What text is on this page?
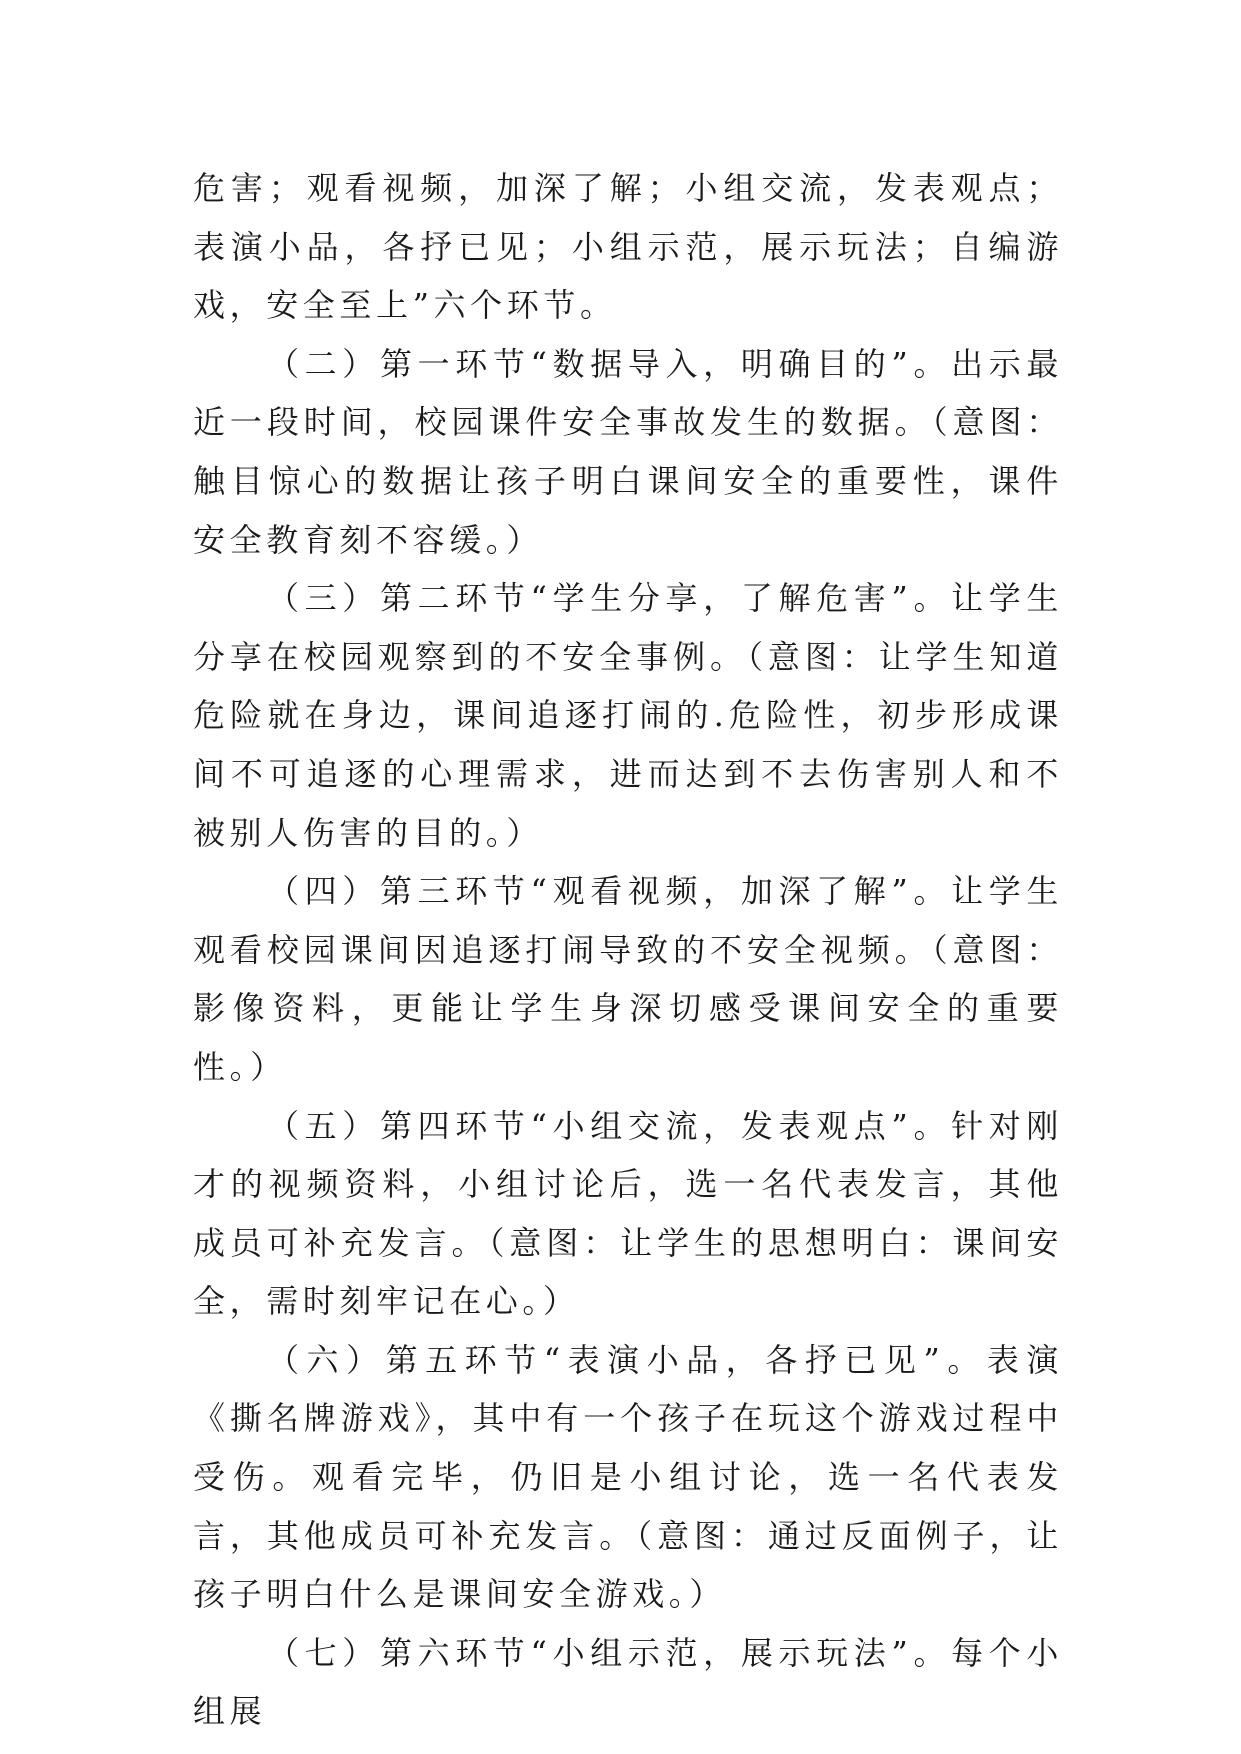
危害；观看视频，加深了解；小组交流，发表观点；表演小品，各抒已见；小组示范，展示玩法；自编游戏，安全至上”六个环节。

（二）第一环节“数据导入，明确目的”。出示最近一段时间，校园课件安全事故发生的数据。（意图：触目惊心的数据让孩子明白课间安全的重要性，课件安全教育刻不容缓。）

（三）第二环节“学生分享，了解危害”。让学生分享在校园观察到的不安全事例。（意图：让学生知道危险就在身边，课间追逐打闹的.危险性，初步形成课间不可追逐的心理需求，进而达到不去伤害别人和不被别人伤害的目的。）

（四）第三环节“观看视频，加深了解”。让学生观看校园课间因追逐打闹导致的不安全视频。（意图：影像资料，更能让学生身深切感受课间安全的重要性。）

（五）第四环节“小组交流，发表观点”。针对刚才的视频资料，小组讨论后，选一名代表发言，其他成员可补充发言。（意图：让学生的思想明白：课间安全，需时刻牢记在心。）

（六）第五环节“表演小品，各抒已见”。表演《撕名牌游戏》，其中有一个孩子在玩这个游戏过程中受伤。观看完毕，仍旧是小组讨论，选一名代表发言，其他成员可补充发言。（意图：通过反面例子，让孩子明白什么是课间安全游戏。）

（七）第六环节“小组示范，展示玩法”。每个小组展
